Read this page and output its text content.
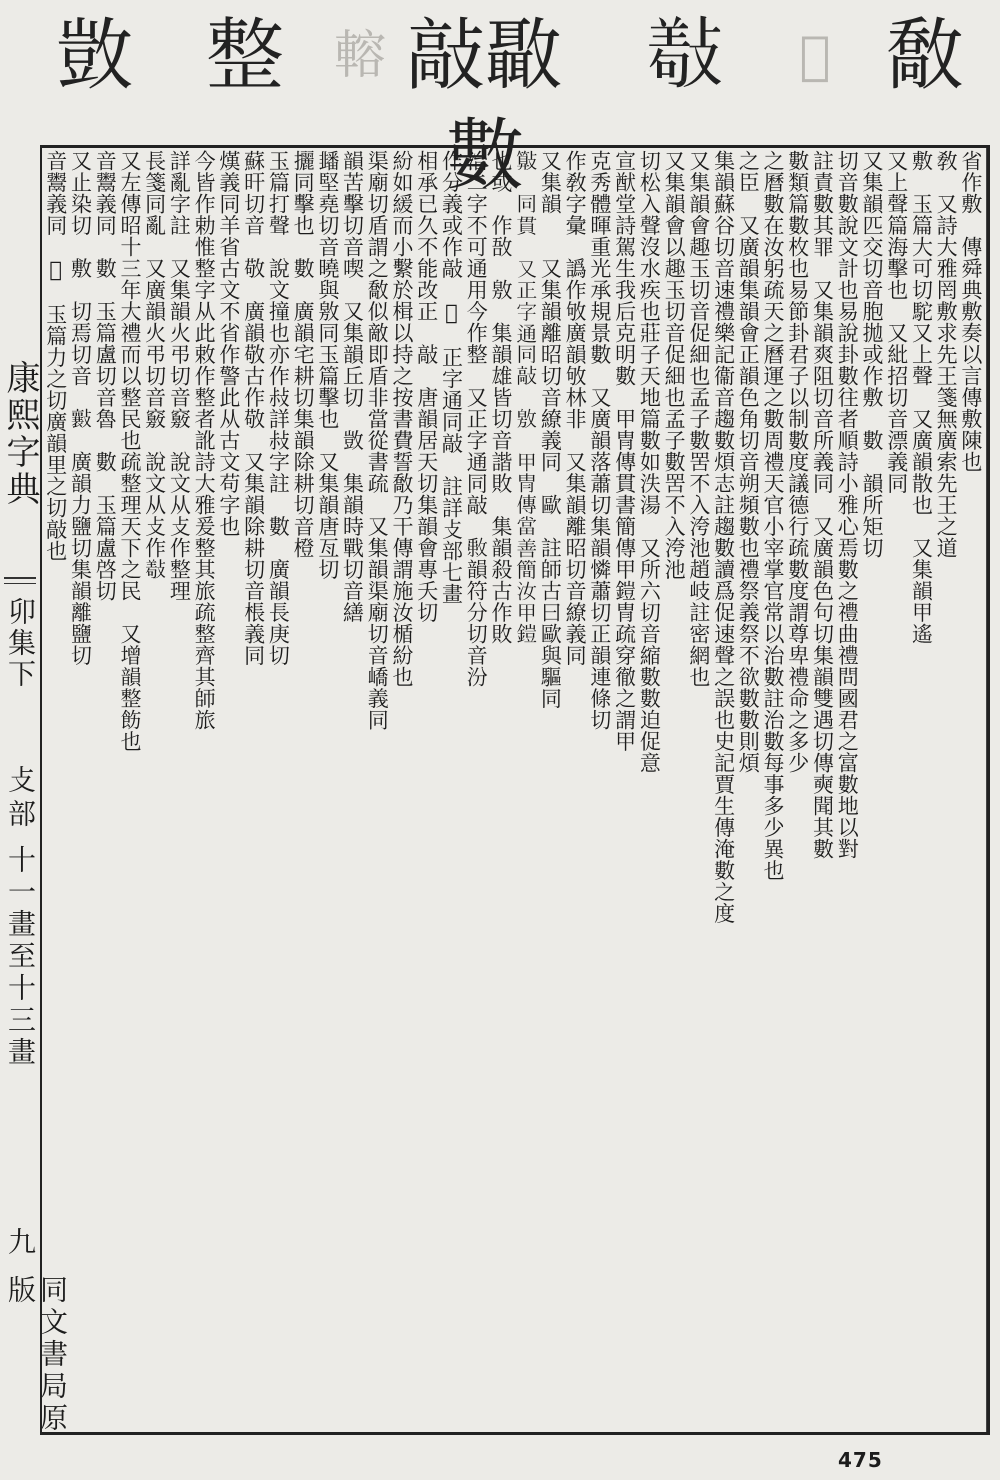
敳 整 䡥 敲𣀳數
𢿩	𢿍 敿
康熙字典
卯集下
攴部
十一畫至十三畫
九
同文書局原版
省作敷　傳舜典敷奏以言傳敷陳也
敎　又詩大雅罔敷求先王箋無廣索先王之道
敷　玉篇大可切駝又上聲　又廣韻散也　又集韻甲遙
又上聲篇海擊也　又紕招切音漂義同
又集韻匹交切音胞拋或作敷　數　韻所矩切
切音數說文計也易說卦數往者順詩小雅心焉數之禮曲禮問國君之富數地以對
註責數其罪　又集韻爽阻切音所義同　又廣韻色句切集韻雙遇切傳奭聞其數
數類篇數枚也易節卦君子以制數度議德行疏數度謂尊卑禮命之多少
之曆數在汝躬疏天之曆運之數周禮天官小宰掌官常以治數註治數每事多少異也
之臣　又廣韻集韻會正韻色角切音朔頻數也禮祭義祭不欲數數則煩
集韻蘇谷切音速禮樂記衞音趨數煩志註趨數讀爲促速聲之誤也史記賈生傳淹數之度
又集韻會趣玉切音促細也孟子數罟不入洿池趙岐註密網也
又集韻會以趣玉切音促細也孟子數罟不入洿池
切松入聲沒水疾也莊子天地篇數如泆湯　又所六切音縮數數迫促意
宣猷堂詩駕生我后克明數　甲冑傳貫書簡傳甲鎧冑疏穿徹之謂甲
克秀體暉重光承規景數　又廣韻落蕭切集韻憐蕭切正韻連條切
作敎字彙　譌作敂廣韻敂林非　又集韻離昭切音繚義同
又集韻　　又集韻離昭切音繚義同　歐　註師古曰歐與驅同
𣀔　同貫　又正字通同敲　敫　甲冑傳當善簡汝甲鎧
也或　作敔　敫　集韻雄皆切音諧敗　集韻殺古作敗
治二字不可通用今作整　又正字通同敲　𢿔韻符分切音汾
作分義或作敲　𣁁　正字通同敲　註詳攴部七畫
相承已久不能改正　敲　唐韻居天切集韻會專夭切
紛如緩而小繫於楫以持之按書費誓敿乃干傳謂施汝楯紛也
渠廟切盾謂之敿似敵即盾非當從書疏　又集韻渠廟切音嶠義同
韻苦擊切音喫　又集韻丘切　敳　集韻時戰切音繕
䪤堅堯切音曉與敫同玉篇擊也　又集韻唐亙切
攦同擊也　數　廣韻宅耕切集韻除耕切音橙
玉篇打聲　說文撞也亦作敊詳敊字註　數　廣韻長庚切
蘇旰切音　敬　廣韻敬古作敬　又集韻除耕切音棖義同
熯義同羊省古文不省作警此从古文苟字也
今皆作勅惟整字从此敕作整者訛詩大雅爰整其旅疏整齊其師旅
詳亂字註　又集韻火弔切音竅　說文从攴作整理
長箋同亂　又廣韻火弔切音竅　說文从攴作𢿩
又左傳昭十三年大禮而以整民也疏整理天下之民　又增韻整飭也
音鬻義同　數　玉篇盧切音魯　數　玉篇盧啓切
又止染切　敷　切焉切音　𣀮　廣韻力鹽切集韻離鹽切
音鬻義同　𣁊　玉篇力之切廣韻里之切敲也
475
